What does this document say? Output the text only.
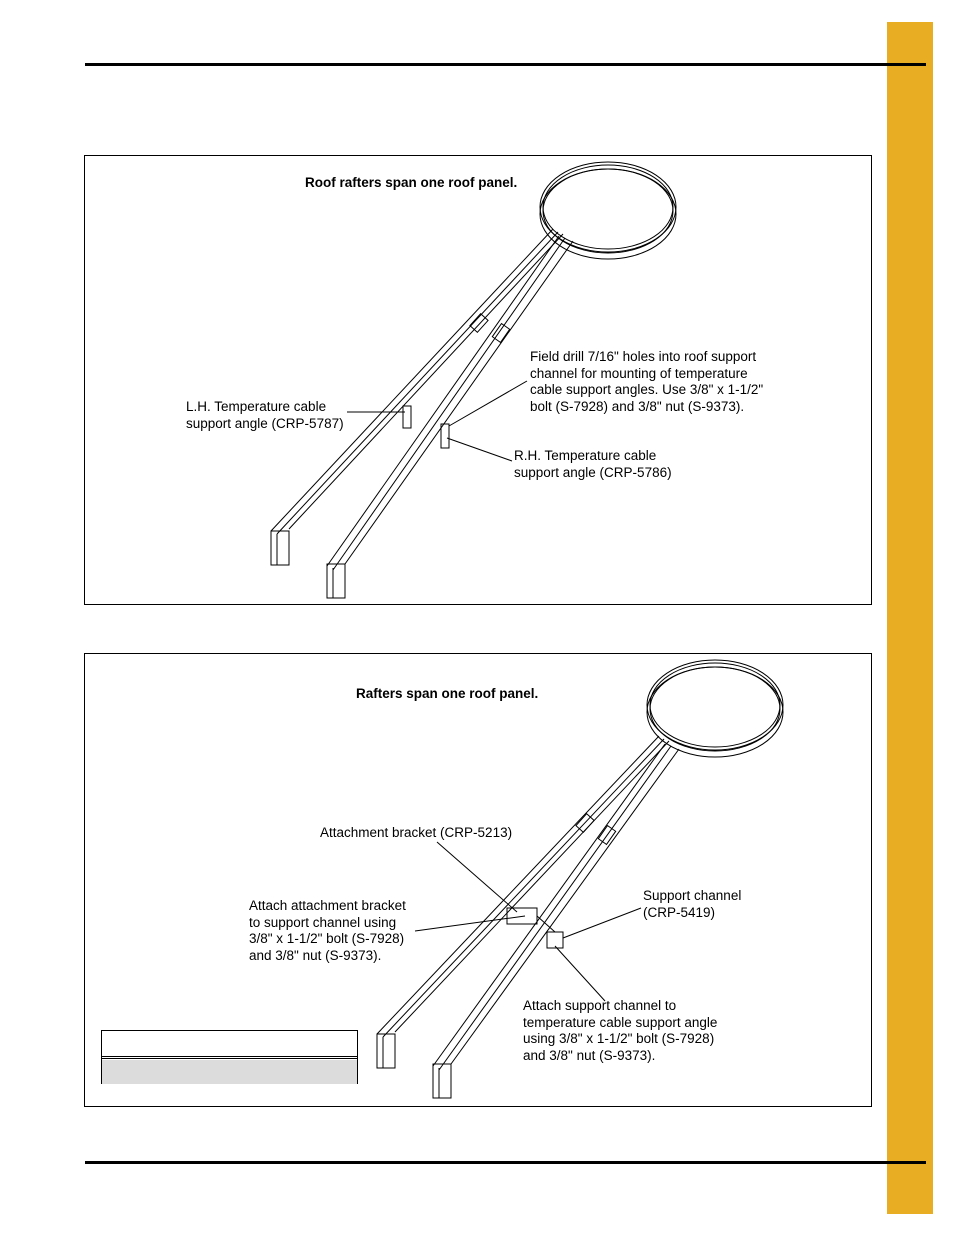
Roof rafters span one roof panel.
Field drill 7/16" holes into roof support
channel for mounting of temperature
cable support angles. Use 3/8" x 1-1/2"
bolt (S-7928) and 3/8" nut (S-9373).
L.H. Temperature cable
support angle (CRP-5787)
R.H. Temperature cable
support angle (CRP-5786)
Rafters span one roof panel.
Attachment bracket (CRP-5213)
Attach attachment bracket
to support channel using
3/8" x 1-1/2" bolt (S-7928)
and 3/8" nut (S-9373).
Support channel
(CRP-5419)
Attach support channel to
temperature cable support angle
using 3/8" x 1-1/2" bolt (S-7928)
and 3/8" nut (S-9373).
